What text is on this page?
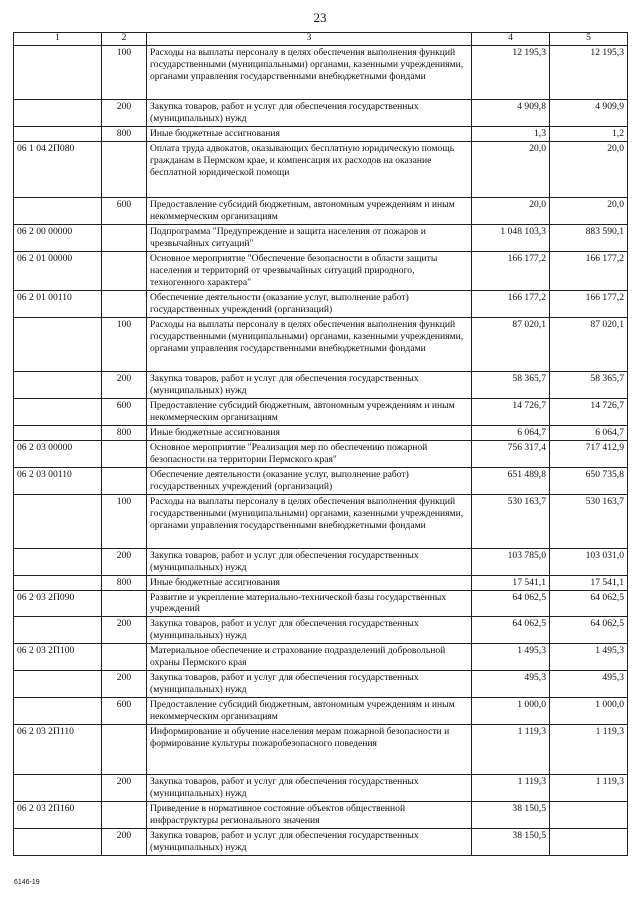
23
1	2	3	4	5
	100	Расходы на выплаты персоналу в целях обеспечения выполнения функций государственными (муниципальными) органами, казенными учреждениями, органами управления государственными внебюджетными фондами	12 195,3	12 195,3
	200	Закупка товаров, работ и услуг для обеспечения государственных (муниципальных) нужд	4 909,8	4 909,9
	800	Иные бюджетные ассигнования	1,3	1,2
06 1 04 2П080		Оплата труда адвокатов, оказывающих бесплатную юридическую помощь гражданам в Пермском крае, и компенсация их расходов на оказание бесплатной юридической помощи	20,0	20,0
	600	Предоставление субсидий бюджетным, автономным учреждениям и иным некоммерческим организациям	20,0	20,0
06 2 00 00000		Подпрограмма "Предупреждение и защита населения от пожаров и чрезвычайных ситуаций"	1 048 103,3	883 590,1
06 2 01 00000		Основное мероприятие "Обеспечение безопасности в области защиты населения и территорий от чрезвычайных ситуаций природного, техногенного характера"	166 177,2	166 177,2
06 2 01 00110		Обеспечение деятельности (оказание услуг, выполнение работ) государственных учреждений (организаций)	166 177,2	166 177,2
	100	Расходы на выплаты персоналу в целях обеспечения выполнения функций государственными (муниципальными) органами, казенными учреждениями, органами управления государственными внебюджетными фондами	87 020,1	87 020,1
	200	Закупка товаров, работ и услуг для обеспечения государственных (муниципальных) нужд	58 365,7	58 365,7
	600	Предоставление субсидий бюджетным, автономным учреждениям и иным некоммерческим организациям	14 726,7	14 726,7
	800	Иные бюджетные ассигнования	6 064,7	6 064,7
06 2 03 00000		Основное мероприятие "Реализация мер по обеспечению пожарной безопасности на территории Пермского края"	756 317,4	717 412,9
06 2 03 00110		Обеспечение деятельности (оказание услуг, выполнение работ) государственных учреждений (организаций)	651 489,8	650 735,8
	100	Расходы на выплаты персоналу в целях обеспечения выполнения функций государственными (муниципальными) органами, казенными учреждениями, органами управления государственными внебюджетными фондами	530 163,7	530 163,7
	200	Закупка товаров, работ и услуг для обеспечения государственных (муниципальных) нужд	103 785,0	103 031,0
	800	Иные бюджетные ассигнования	17 541,1	17 541,1
06 2 03 2П090		Развитие и укрепление материально-технической базы государственных учреждений	64 062,5	64 062,5
	200	Закупка товаров, работ и услуг для обеспечения государственных (муниципальных) нужд	64 062,5	64 062,5
06 2 03 2П100		Материальное обеспечение и страхование подразделений добровольной охраны Пермского края	1 495,3	1 495,3
	200	Закупка товаров, работ и услуг для обеспечения государственных (муниципальных) нужд	495,3	495,3
	600	Предоставление субсидий бюджетным, автономным учреждениям и иным некоммерческим организациям	1 000,0	1 000,0
06 2 03 2П110		Информирование и обучение населения мерам пожарной безопасности и формирование культуры пожаробезопасного поведения	1 119,3	1 119,3
	200	Закупка товаров, работ и услуг для обеспечения государственных (муниципальных) нужд	1 119,3	1 119,3
06 2 03 2П160		Приведение в нормативное состояние объектов общественной инфраструктуры регионального значения	38 150,5	
	200	Закупка товаров, работ и услуг для обеспечения государственных (муниципальных) нужд	38 150,5	
6146-19
